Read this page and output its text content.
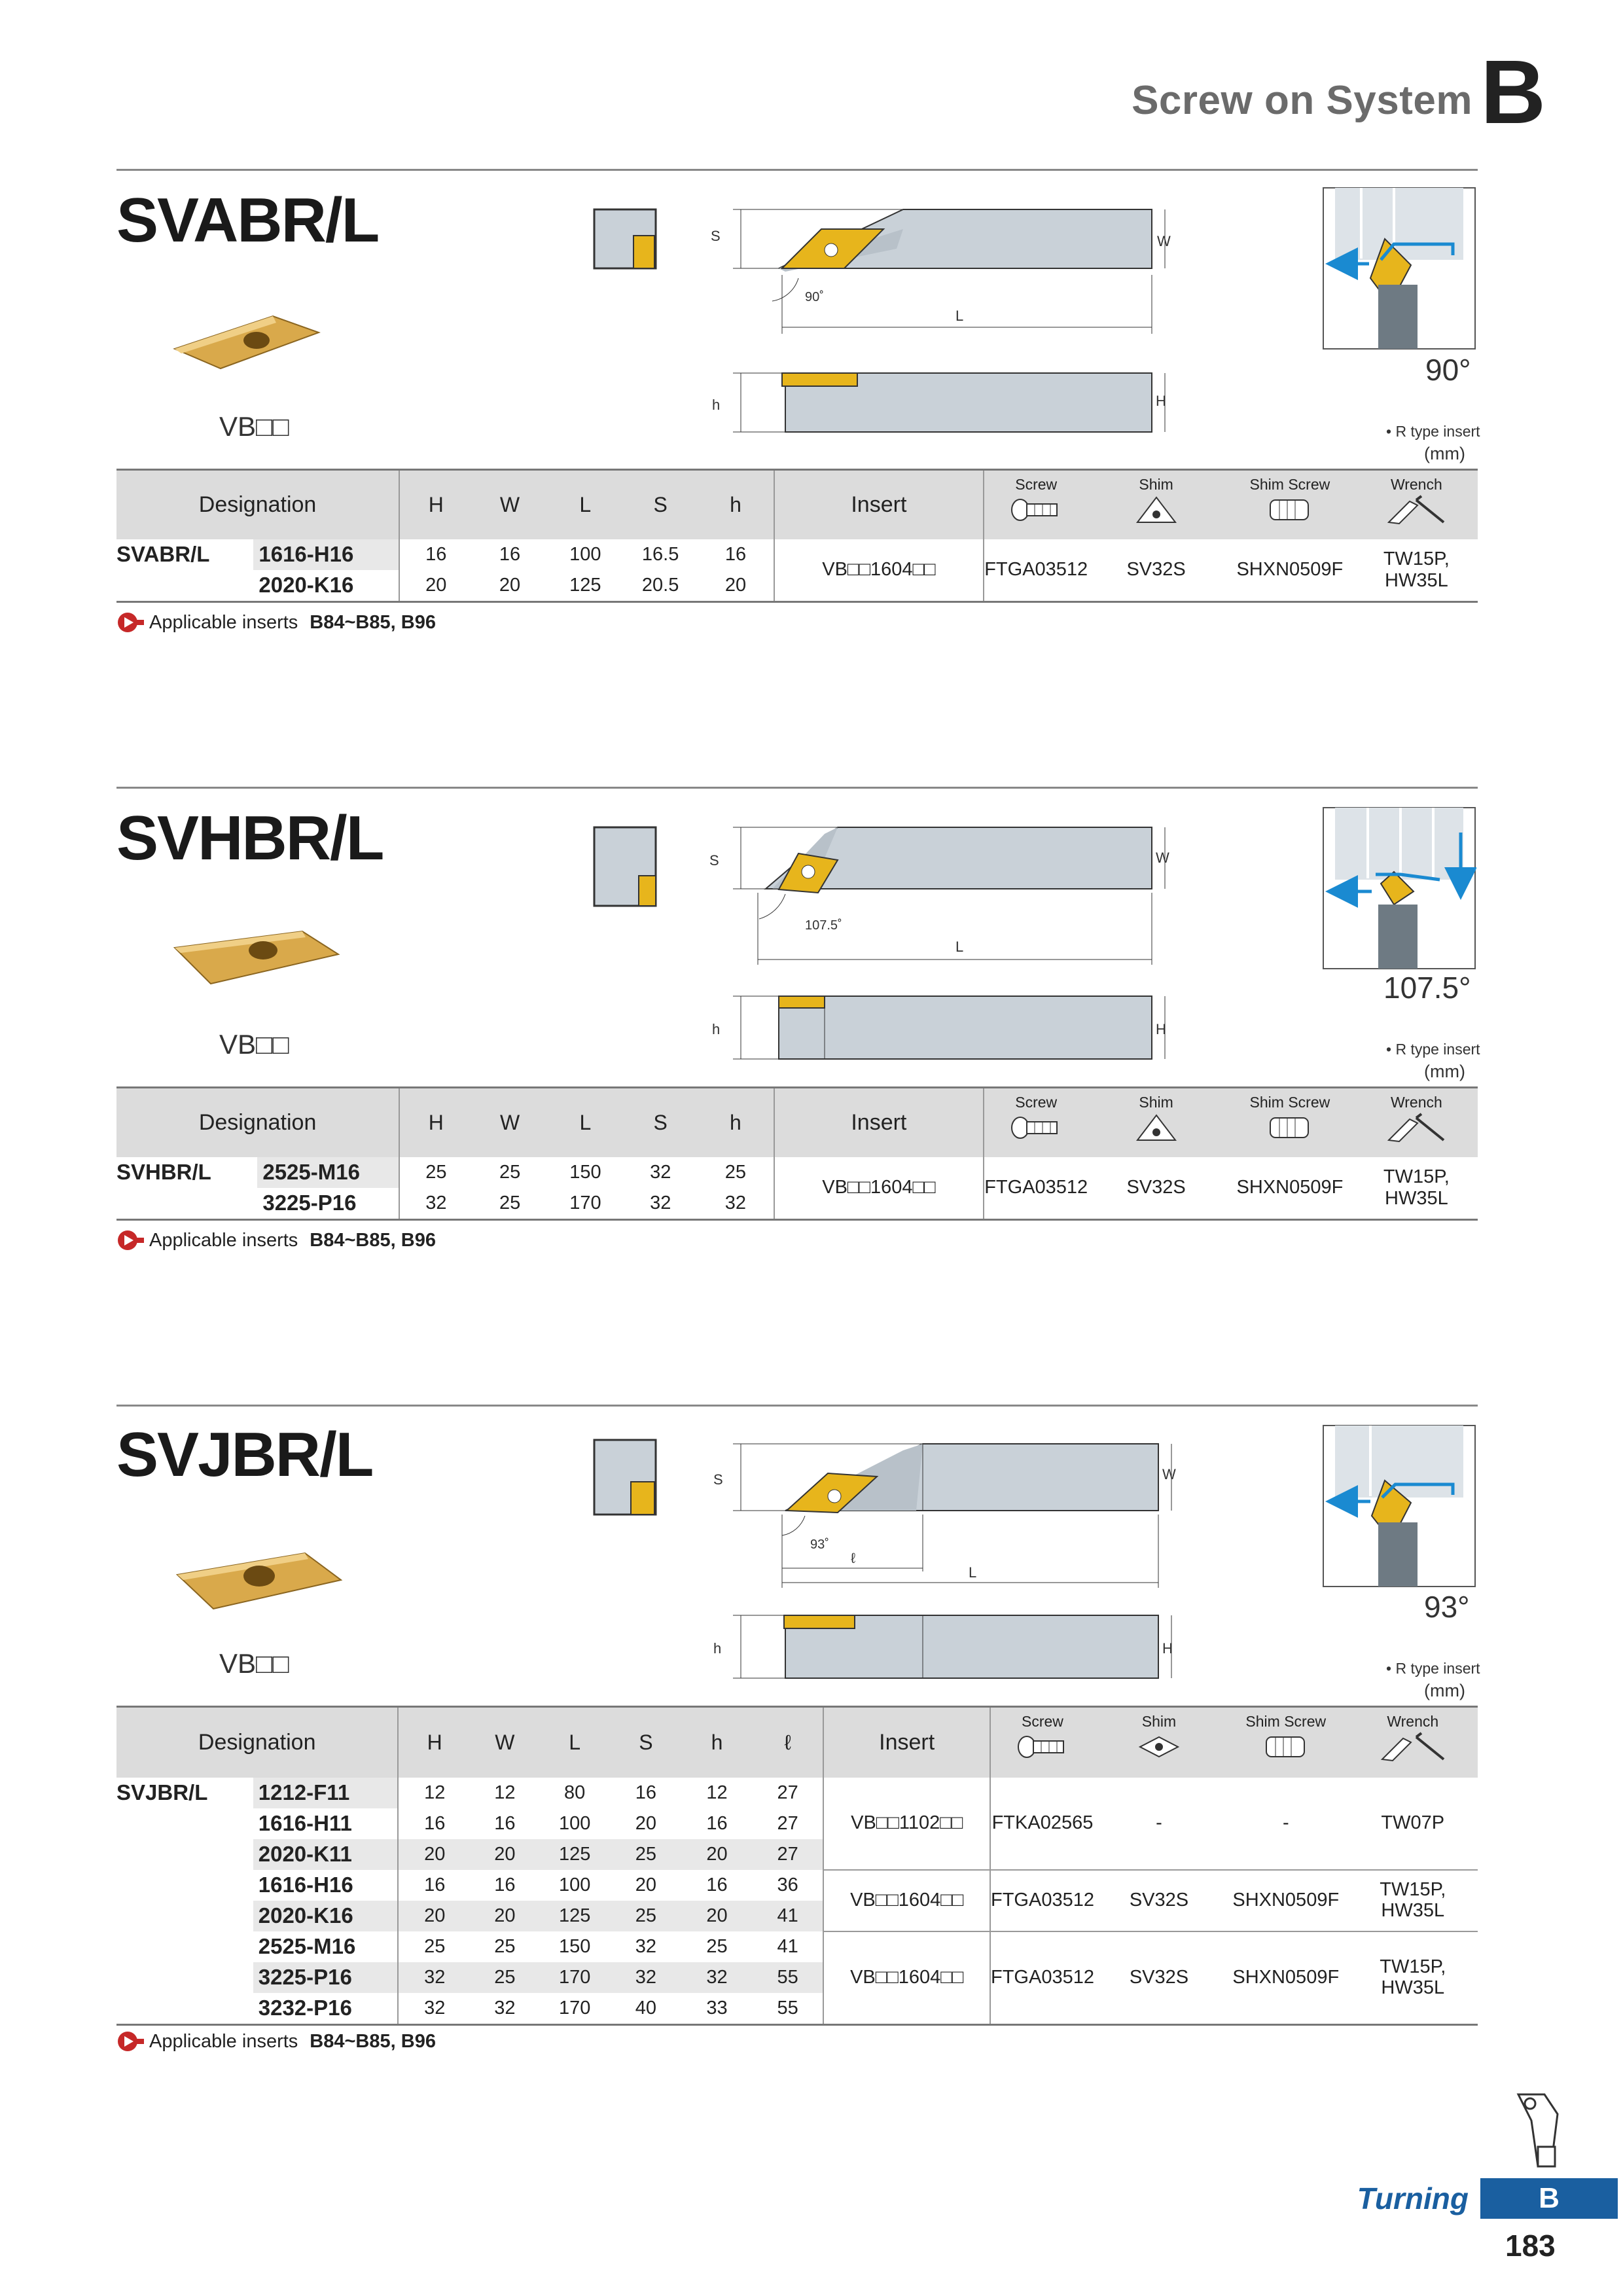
Screw on System B
SVABR/L
VB□□
S	W
90˚
L
h	H
90°
• R type insert
(mm)
Designation		H	W	L	S	h	Insert	Screw	Shim	Shim Screw	Wrench

SVABR/L	1616-H16	16	16	100	16.5	16	VB□□1604□□	FTGA03512	SV32S	SHXN0509F	TW15P, HW35L
	2020-K16	20	20	125	20.5	20					
Applicable inserts B84~B85, B96
SVHBR/L
VB□□
S	W
107.5˚
L
h	H
107.5°
• R type insert
(mm)
Designation		H	W	L	S	h	Insert	Screw	Shim	Shim Screw	Wrench

SVHBR/L	2525-M16	25	25	150	32	25	VB□□1604□□	FTGA03512	SV32S	SHXN0509F	TW15P, HW35L
	3225-P16	32	25	170	32	32					
Applicable inserts B84~B85, B96
SVJBR/L
VB□□
S	W
93˚
ℓ
L
h	H
93°
• R type insert
(mm)
Designation		H	W	L	S	h	ℓ	Insert	Screw	Shim	Shim Screw	Wrench

SVJBR/L	1212-F11	12	12	80	16	12	27	VB□□1102□□	FTKA02565	-	-	TW07P
	1616-H11	16	16	100	20	16	27					
	2020-K11	20	20	125	25	20	27					
	1616-H16	16	16	100	20	16	36	VB□□1604□□	FTGA03512	SV32S	SHXN0509F	TW15P,
HW35L
	2020-K16	20	20	125	25	20	41					
	2525-M16	25	25	150	32	25	41	VB□□1604□□	FTGA03512	SV32S	SHXN0509F	TW15P,
HW35L
	3225-P16	32	25	170	32	32	55					
	3232-P16	32	32	170	40	33	55					
Applicable inserts B84~B85, B96
Turning	B
183
